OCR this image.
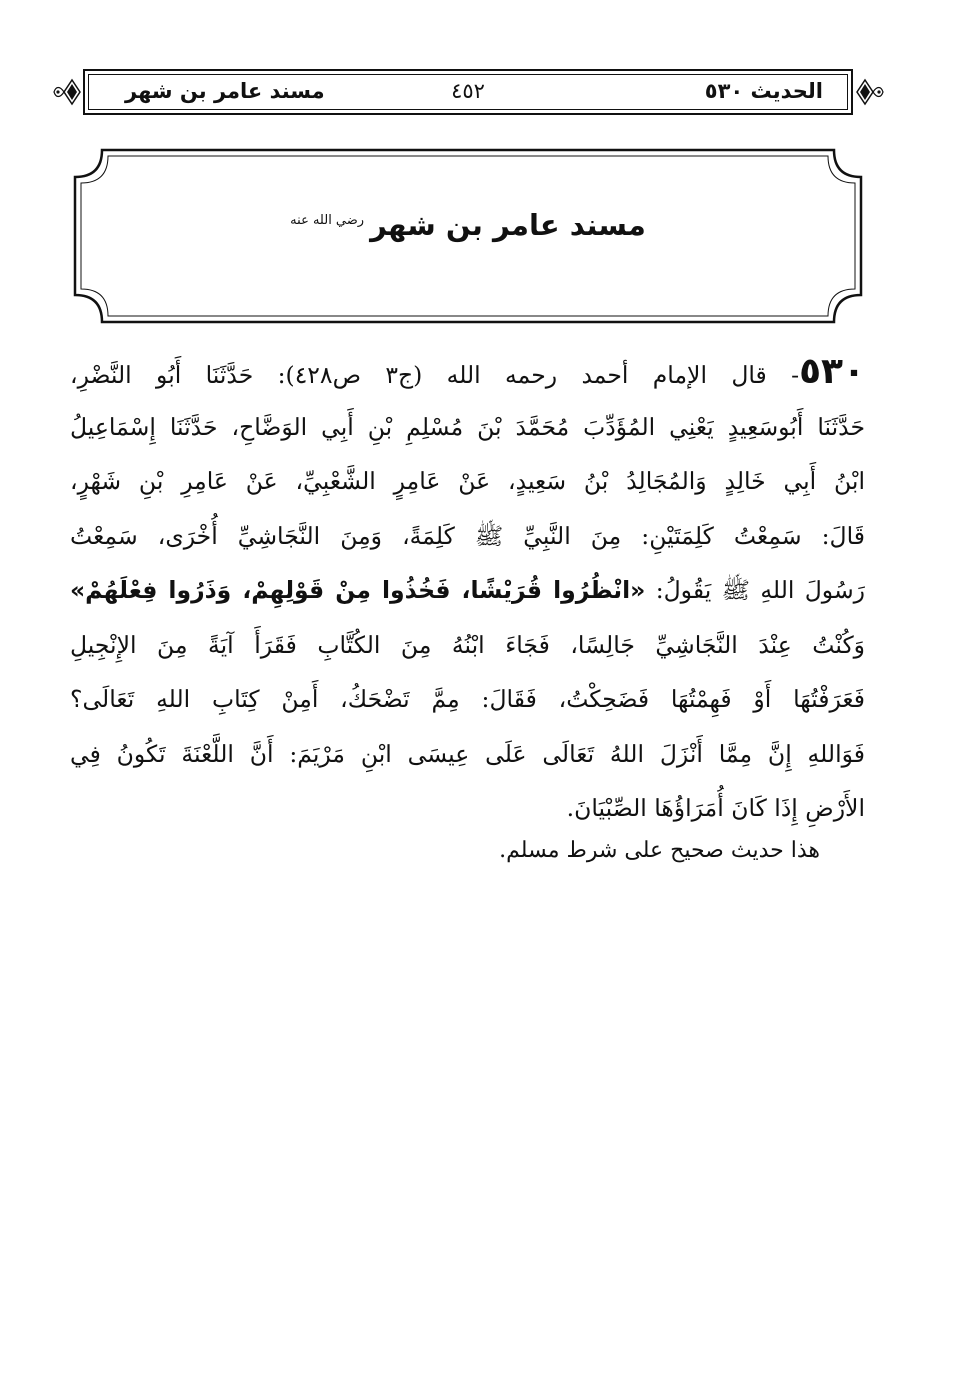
الحديث ٥٣٠
٤٥٢
مسند عامر بن شهر
مسند عامر بن شهر$^{رضي الله عنه}$
٥٣٠- قال الإمام أحمد رحمه الله (ج٣ ص٤٢٨): حَدَّثَنَا أَبُو النَّضْرِ،
حَدَّثَنَا أَبُوسَعِيدٍ يَعْنِي المُؤَدِّبَ مُحَمَّدَ بْنَ مُسْلِمِ بْنِ أَبِي الوَضَّاحِ، حَدَّثَنَا إِسْمَاعِيلُ
ابْنُ أَبِي خَالِدٍ وَالمُجَالِدُ بْنُ سَعِيدٍ، عَنْ عَامِرٍ الشَّعْبِيِّ، عَنْ عَامِرِ بْنِ شَهْرٍ،
قَالَ: سَمِعْتُ كَلِمَتَيْنِ: مِنَ النَّبِيِّ ﷺ كَلِمَةً، وَمِنَ النَّجَاشِيِّ أُخْرَى، سَمِعْتُ
رَسُولَ اللهِ ﷺ يَقُولُ: «انْظُرُوا قُرَيْشًا، فَخُذُوا مِنْ قَوْلِهِمْ، وَذَرُوا فِعْلَهُمْ»
وَكُنْتُ عِنْدَ النَّجَاشِيِّ جَالِسًا، فَجَاءَ ابْنُهُ مِنَ الكُتَّابِ فَقَرَأَ آيَةً مِنَ الإِنْجِيلِ
فَعَرَفْتُهَا أَوْ فَهِمْتُهَا فَضَحِكْتُ، فَقَالَ: مِمَّ تَضْحَكُ، أَمِنْ كِتَابِ اللهِ تَعَالَى؟
فَوَاللهِ إِنَّ مِمَّا أَنْزَلَ اللهُ تَعَالَى عَلَى عِيسَى ابْنِ مَرْيَمَ: أَنَّ اللَّعْنَةَ تَكُونُ فِي
الأَرْضِ إِذَا كَانَ أُمَرَاؤُهَا الصِّبْيَانَ.
هذا حديث صحيح على شرط مسلم.
